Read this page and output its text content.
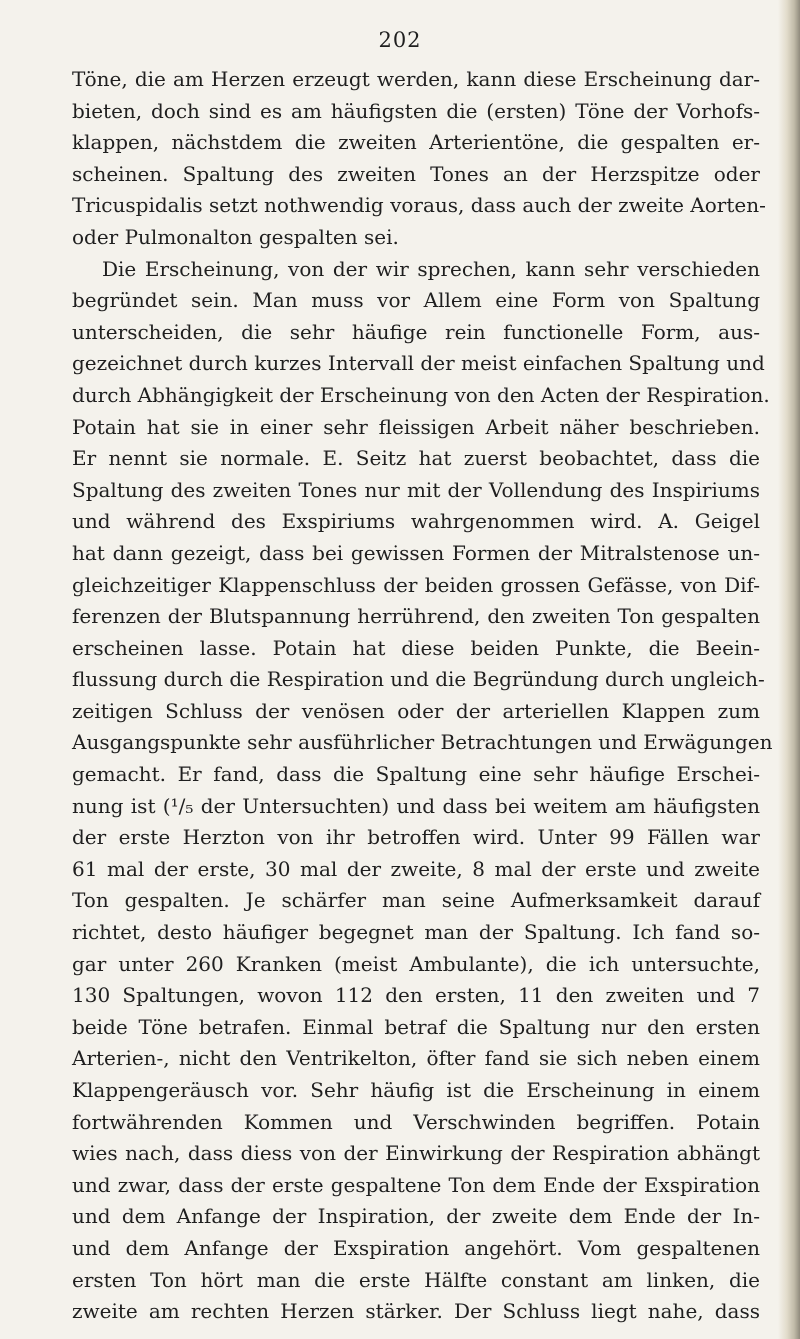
202
Töne, die am Herzen erzeugt werden, kann diese Erscheinung dar-
bieten, doch sind es am häufigsten die (ersten) Töne der Vorhofs-
klappen, nächstdem die zweiten Arterientöne, die gespalten er-
scheinen. Spaltung des zweiten Tones an der Herzspitze oder
Tricuspidalis setzt nothwendig voraus, dass auch der zweite Aorten-
oder Pulmonalton gespalten sei.
Die Erscheinung, von der wir sprechen, kann sehr verschieden
begründet sein. Man muss vor Allem eine Form von Spaltung
unterscheiden, die sehr häufige rein functionelle Form, aus-
gezeichnet durch kurzes Intervall der meist einfachen Spaltung und
durch Abhängigkeit der Erscheinung von den Acten der Respiration.
Potain hat sie in einer sehr fleissigen Arbeit näher beschrieben.
Er nennt sie normale. E. Seitz hat zuerst beobachtet, dass die
Spaltung des zweiten Tones nur mit der Vollendung des Inspiriums
und während des Exspiriums wahrgenommen wird. A. Geigel
hat dann gezeigt, dass bei gewissen Formen der Mitralstenose un-
gleichzeitiger Klappenschluss der beiden grossen Gefässe, von Dif-
ferenzen der Blutspannung herrührend, den zweiten Ton gespalten
erscheinen lasse. Potain hat diese beiden Punkte, die Beein-
flussung durch die Respiration und die Begründung durch ungleich-
zeitigen Schluss der venösen oder der arteriellen Klappen zum
Ausgangspunkte sehr ausführlicher Betrachtungen und Erwägungen
gemacht. Er fand, dass die Spaltung eine sehr häufige Erschei-
nung ist (¹/₅ der Untersuchten) und dass bei weitem am häufigsten
der erste Herzton von ihr betroffen wird. Unter 99 Fällen war
61 mal der erste, 30 mal der zweite, 8 mal der erste und zweite
Ton gespalten. Je schärfer man seine Aufmerksamkeit darauf
richtet, desto häufiger begegnet man der Spaltung. Ich fand so-
gar unter 260 Kranken (meist Ambulante), die ich untersuchte,
130 Spaltungen, wovon 112 den ersten, 11 den zweiten und 7
beide Töne betrafen. Einmal betraf die Spaltung nur den ersten
Arterien-, nicht den Ventrikelton, öfter fand sie sich neben einem
Klappengeräusch vor. Sehr häufig ist die Erscheinung in einem
fortwährenden Kommen und Verschwinden begriffen. Potain
wies nach, dass diess von der Einwirkung der Respiration abhängt
und zwar, dass der erste gespaltene Ton dem Ende der Exspiration
und dem Anfange der Inspiration, der zweite dem Ende der In-
und dem Anfange der Exspiration angehört. Vom gespaltenen
ersten Ton hört man die erste Hälfte constant am linken, die
zweite am rechten Herzen stärker. Der Schluss liegt nahe, dass
